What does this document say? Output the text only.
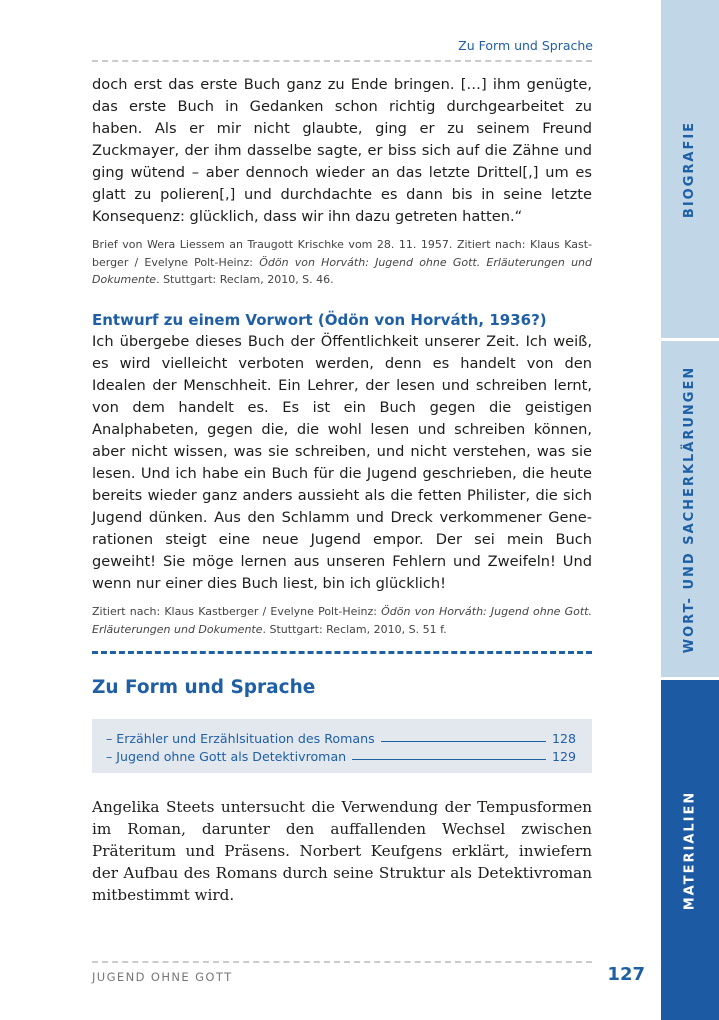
Zu Form und Sprache

doch erst das erste Buch ganz zu Ende bringen. […] ihm genügte, das erste Buch in Gedanken schon richtig durchgearbeitet zu haben. Als er mir nicht glaubte, ging er zu seinem Freund Zuckmayer, der ihm dasselbe sagte, er biss sich auf die Zähne und ging wütend – aber dennoch wieder an das letzte Drittel[,] um es glatt zu polieren[,] und durchdachte es dann bis in seine letzte Konsequenz: glücklich, dass wir ihn dazu getreten hatten.“

Brief von Wera Liessem an Traugott Krischke vom 28. 11. 1957. Zitiert nach: Klaus Kastberger / Evelyne Polt-Heinz: Ödön von Horváth: Jugend ohne Gott. Erläuterungen und Dokumente. Stuttgart: Reclam, 2010, S. 46.

Entwurf zu einem Vorwort (Ödön von Horváth, 1936?)

Ich übergebe dieses Buch der Öffentlichkeit unserer Zeit. Ich weiß, es wird vielleicht verboten werden, denn es handelt von den Idealen der Menschheit. Ein Lehrer, der lesen und schreiben lernt, von dem handelt es. Es ist ein Buch gegen die geistigen Analphabeten, gegen die, die wohl lesen und schreiben können, aber nicht wissen, was sie schreiben, und nicht verstehen, was sie lesen. Und ich habe ein Buch für die Jugend geschrieben, die heute bereits wieder ganz anders aussieht als die fetten Philister, die sich Jugend dünken. Aus den Schlamm und Dreck verkommener Generationen steigt eine neue Jugend empor. Der sei mein Buch geweiht! Sie möge lernen aus unseren Fehlern und Zweifeln! Und wenn nur einer dies Buch liest, bin ich glücklich!

Zitiert nach: Klaus Kastberger / Evelyne Polt-Heinz: Ödön von Horváth: Jugend ohne Gott. Erläuterungen und Dokumente. Stuttgart: Reclam, 2010, S. 51 f.

Zu Form und Sprache
– Erzähler und Erzählsituation des Romans	128
– Jugend ohne Gott als Detektivroman	129

Angelika Steets untersucht die Verwendung der Tempusformen im Roman, darunter den auffallenden Wechsel zwischen Präteritum und Präsens. Norbert Keufgens erklärt, inwiefern der Aufbau des Romans durch seine Struktur als Detektivroman mitbestimmt wird.

JUGEND OHNE GOTT	127
BIOGRAFIE
WORT- UND SACHERKLÄRUNGEN
MATERIALIEN
